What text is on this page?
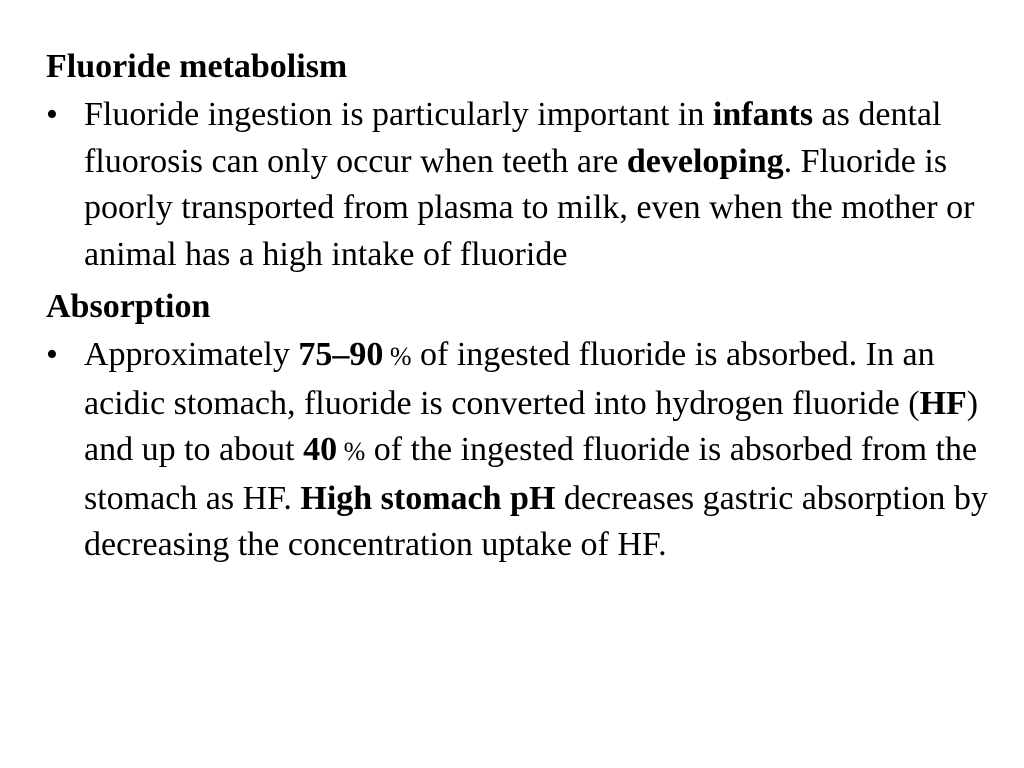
Fluoride metabolism

• Fluoride ingestion is particularly important in infants as dental fluorosis can only occur when teeth are developing. Fluoride is poorly transported from plasma to milk, even when the mother or animal has a high intake of fluoride

Absorption

• Approximately 75–90 % of ingested fluoride is absorbed. In an acidic stomach, fluoride is converted into hydrogen fluoride (HF) and up to about 40 % of the ingested fluoride is absorbed from the stomach as HF. High stomach pH decreases gastric absorption by decreasing the concentration uptake of HF.
